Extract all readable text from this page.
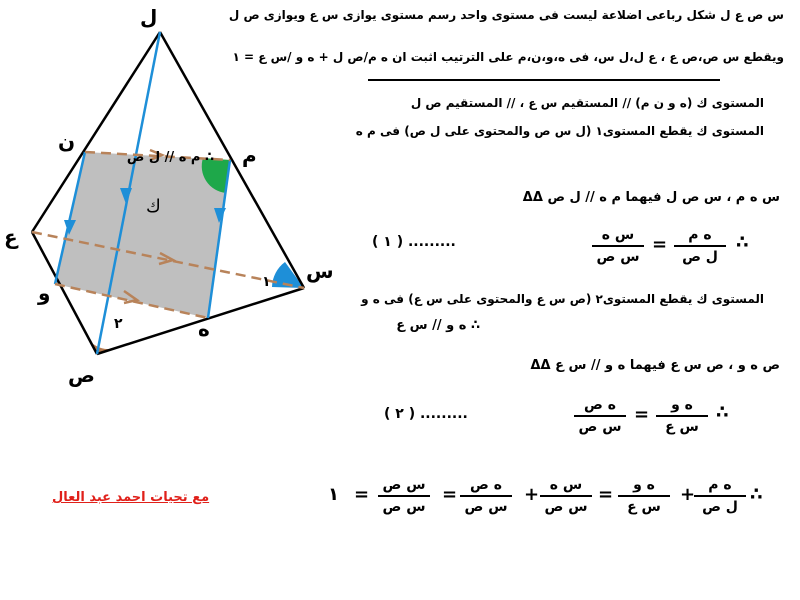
ل
ن
م
ع
س
و
ه
ص
ك
١
٢
س ص ع ل شكل رباعى اضلاعة ليست فى مستوى واحد رسم مستوى يوازى س ع ويوازى ص ل
ويقطع س ص،ص ع ، ع ل،ل س، فى ه،و،ن،م على الترتيب اثبت ان ه م/ص ل + ه و /س ع = ١
المستوى ك (ه و ن م) // المستقيم س ع ، // المستقيم ص ل
المستوى ك يقطع المستوى١ (ل س ص والمحتوى على ل ص) فى م ه
∴ م ه // ل ص
ΔΔ س ه م ، س ص ل فيهما م ه // ل ص
∴
ه م
ل ص
=
س ه
س ص
( ١ ) .........
المستوى ك يقطع المستوى٢ (ص س ع والمحتوى على س ع) فى ه و
∴ ه و // س ع
ΔΔ ص ه و ، ص س ع فيهما ه و // س ع
∴
ه و
س ع
=
ه ص
س ص
( ٢ ) .........
∴
ه م
ل ص
+
ه و
س ع
=
س ه
س ص
+
ه ص
س ص
=
س ص
س ص
=
١
مع تحيات احمد عبد العال
